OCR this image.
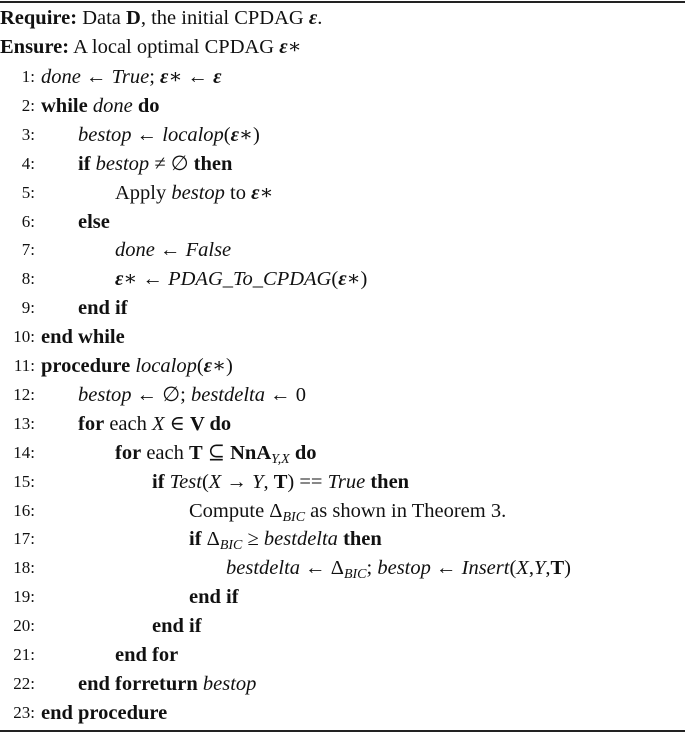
Require: Data D, the initial CPDAG ε.
Ensure: A local optimal CPDAG ε∗
1: done ← True; ε∗ ← ε
2: while done do
3: bestop ← localop(ε∗)
4: if bestop ≠ ∅ then
5:	Apply bestop to ε∗
6: else
7:	done ← False
8:	ε∗ ← PDAG_To_CPDAG(ε∗)
9: end if
10: end while
11: procedure localop(ε∗)
12: bestop ← ∅; bestdelta ← 0
13: for each X ∈ V do
14:	for each T ⊆ NnA$_{Y,X}$ do
15:	if Test(X → Y, T) == True then
16:	Compute $\Delta_{BIC}$ as shown in Theorem 3.
17:	if $\Delta_{BIC}$ ≥ bestdelta then
18:	bestdelta ← $\Delta_{BIC}$; bestop ← Insert(X,Y,T)
19:	end if
20:	end if
21:	end for
22: end forreturn bestop
23: end procedure
